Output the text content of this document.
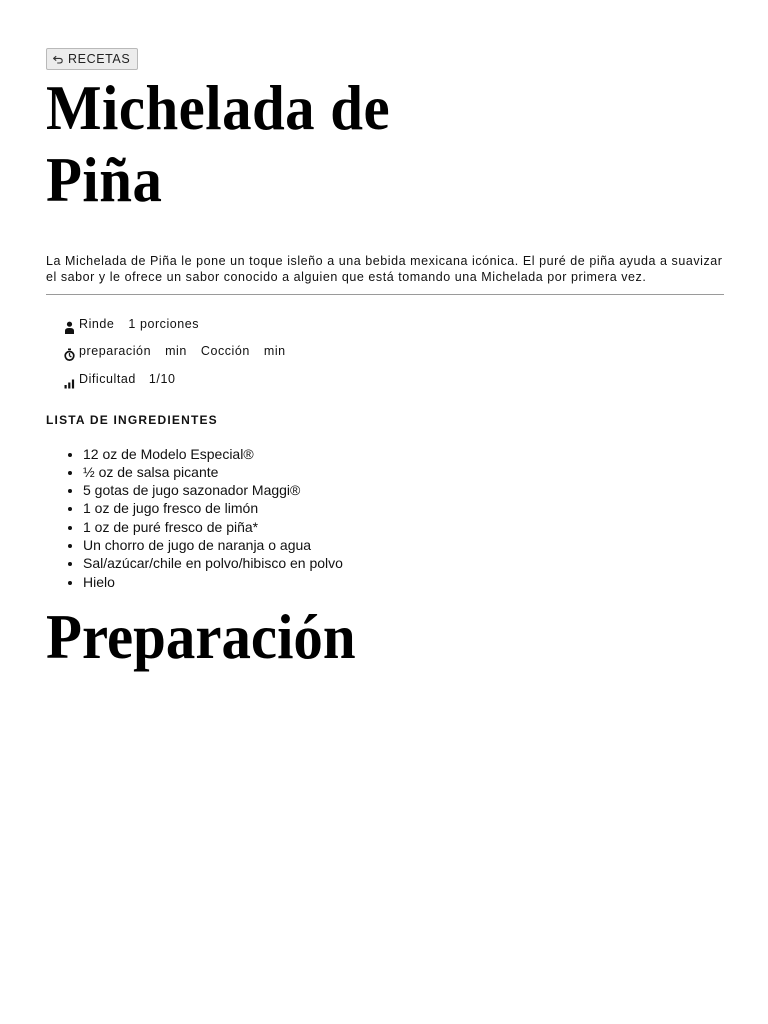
RECETAS
Michelada de
Piña

La Michelada de Piña le pone un toque isleño a una bebida mexicana icónica. El puré de piña ayuda a suavizar el sabor y le ofrece un sabor conocido a alguien que está tomando una Michelada por primera vez.

Rinde 1 porciones
preparación min Cocción min
Dificultad 1/10
LISTA DE INGREDIENTES
• 12 oz de Modelo Especial®
• ½ oz de salsa picante
• 5 gotas de jugo sazonador Maggi®
• 1 oz de jugo fresco de limón
• 1 oz de puré fresco de piña*
• Un chorro de jugo de naranja o agua
• Sal/azúcar/chile en polvo/hibisco en polvo
• Hielo
Preparación
